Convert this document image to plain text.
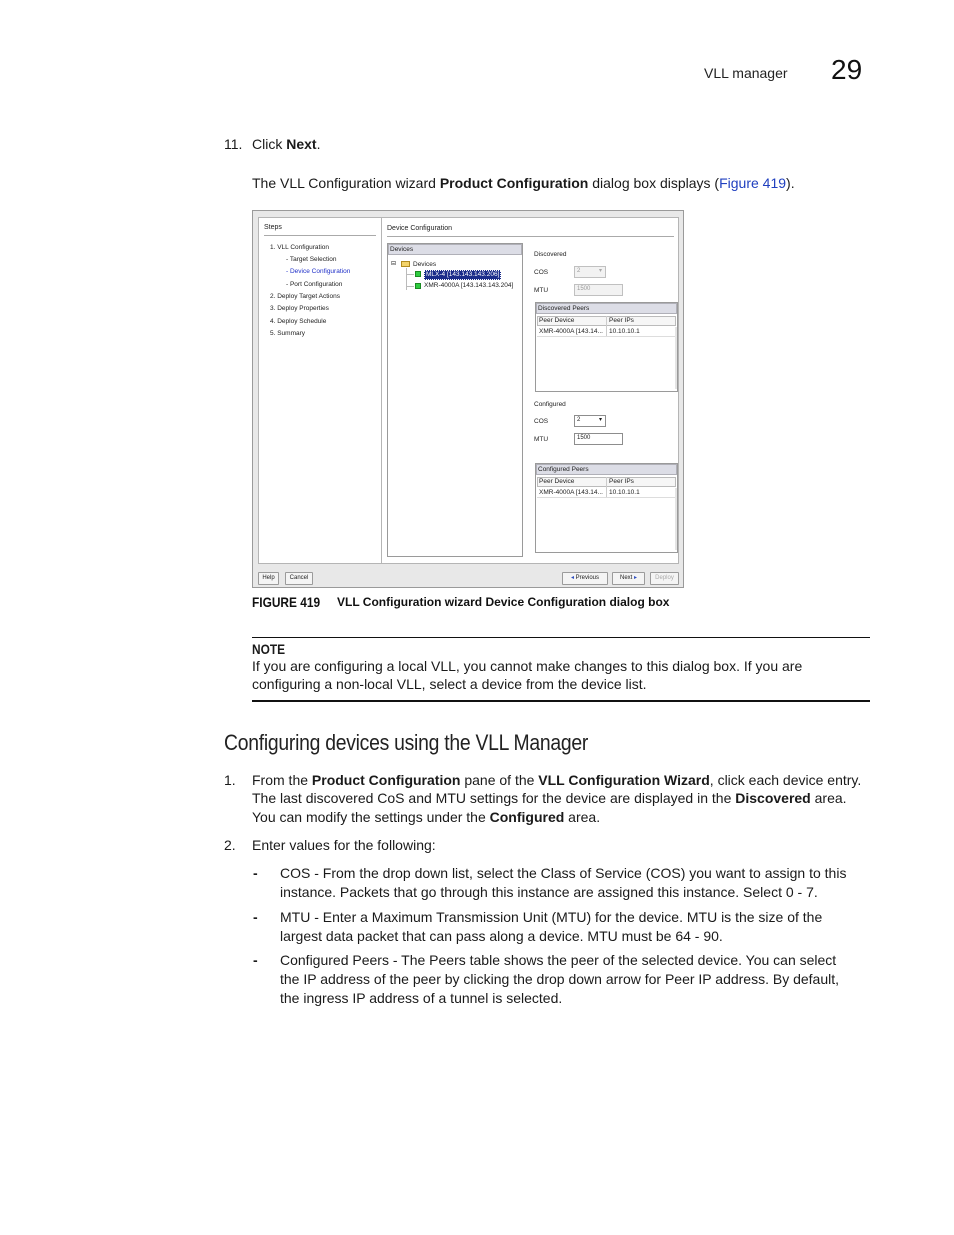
VLL manager 29
11. Click Next.
The VLL Configuration wizard Product Configuration dialog box displays (Figure 419).
Steps
1. VLL Configuration
- Target Selection
- Device Configuration
- Port Configuration
2. Deploy Target Actions
3. Deploy Properties
4. Deploy Schedule
5. Summary
Device Configuration
Devices
⊟	Devices
MLX-4 [143.143.143.206]
XMR-4000A [143.143.143.204]
Discovered
COS	2	▾
MTU	1500
Discovered Peers
Peer Device	Peer IPs
XMR-4000A [143.14... 10.10.10.1
Configured
COS	2	▾
MTU	1500
Configured Peers
Peer Device	Peer IPs
XMR-4000A [143.14... 10.10.10.1
Help	Cancel	◂ Previous	Next ▸	Deploy
FIGURE 419 VLL Configuration wizard Device Configuration dialog box
NOTE
If you are configuring a local VLL, you cannot make changes to this dialog box. If you are configuring a non-local VLL, select a device from the device list.
Configuring devices using the VLL Manager
1. From the Product Configuration pane of the VLL Configuration Wizard, click each device entry.
The last discovered CoS and MTU settings for the device are displayed in the Discovered area.
You can modify the settings under the Configured area.
2. Enter values for the following:
- COS - From the drop down list, select the Class of Service (COS) you want to assign to this
instance. Packets that go through this instance are assigned this instance. Select 0 - 7.
- MTU - Enter a Maximum Transmission Unit (MTU) for the device. MTU is the size of the
largest data packet that can pass along a device. MTU must be 64 - 90.
- Configured Peers - The Peers table shows the peer of the selected device. You can select
the IP address of the peer by clicking the drop down arrow for Peer IP address. By default,
the ingress IP address of a tunnel is selected.
